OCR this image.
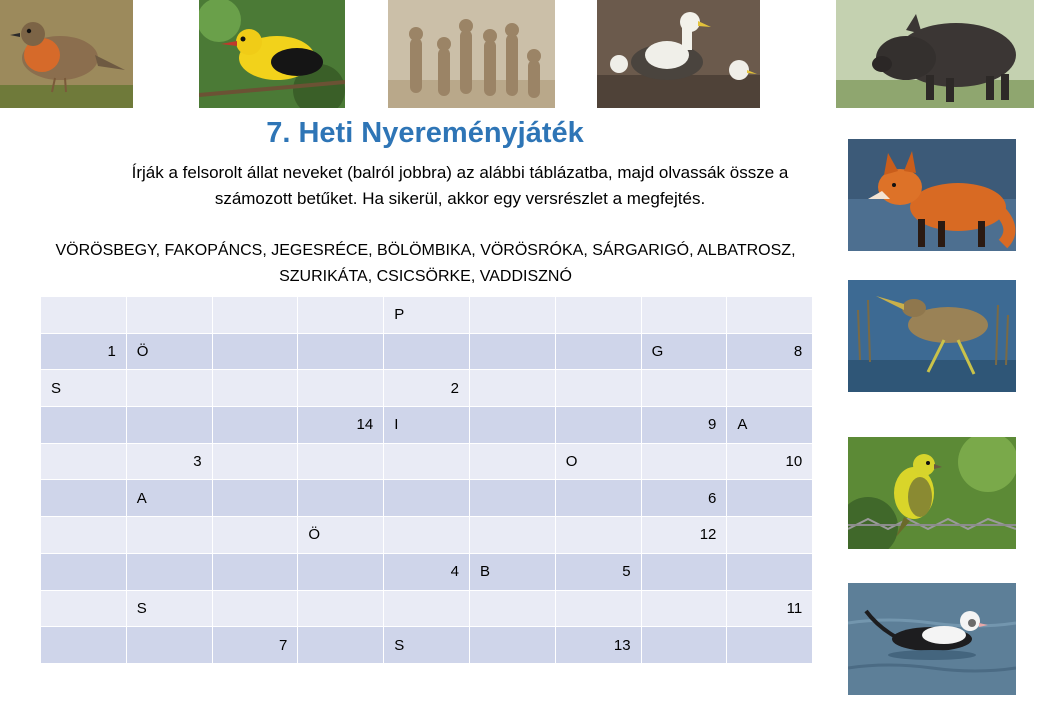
7. Heti Nyereményjáték
Írják a felsorolt állat neveket (balról jobbra) az alábbi táblázatba, majd olvassák össze a számozott betűket. Ha sikerül, akkor egy versrészlet a megfejtés.
VÖRÖSBEGY, FAKOPÁNCS, JEGESRÉCE, BÖLÖMBIKA, VÖRÖSRÓKA, SÁRGARIGÓ, ALBATROSZ, SZURIKÁTA, CSICSÖRKE, VADDISZNÓ
				P				
1	Ö						G	8
S				2				
			14	I			9	A
	3					O		10
	A						6	
			Ö				12	
				4	B	5		
	S							11
		7		S		13		
